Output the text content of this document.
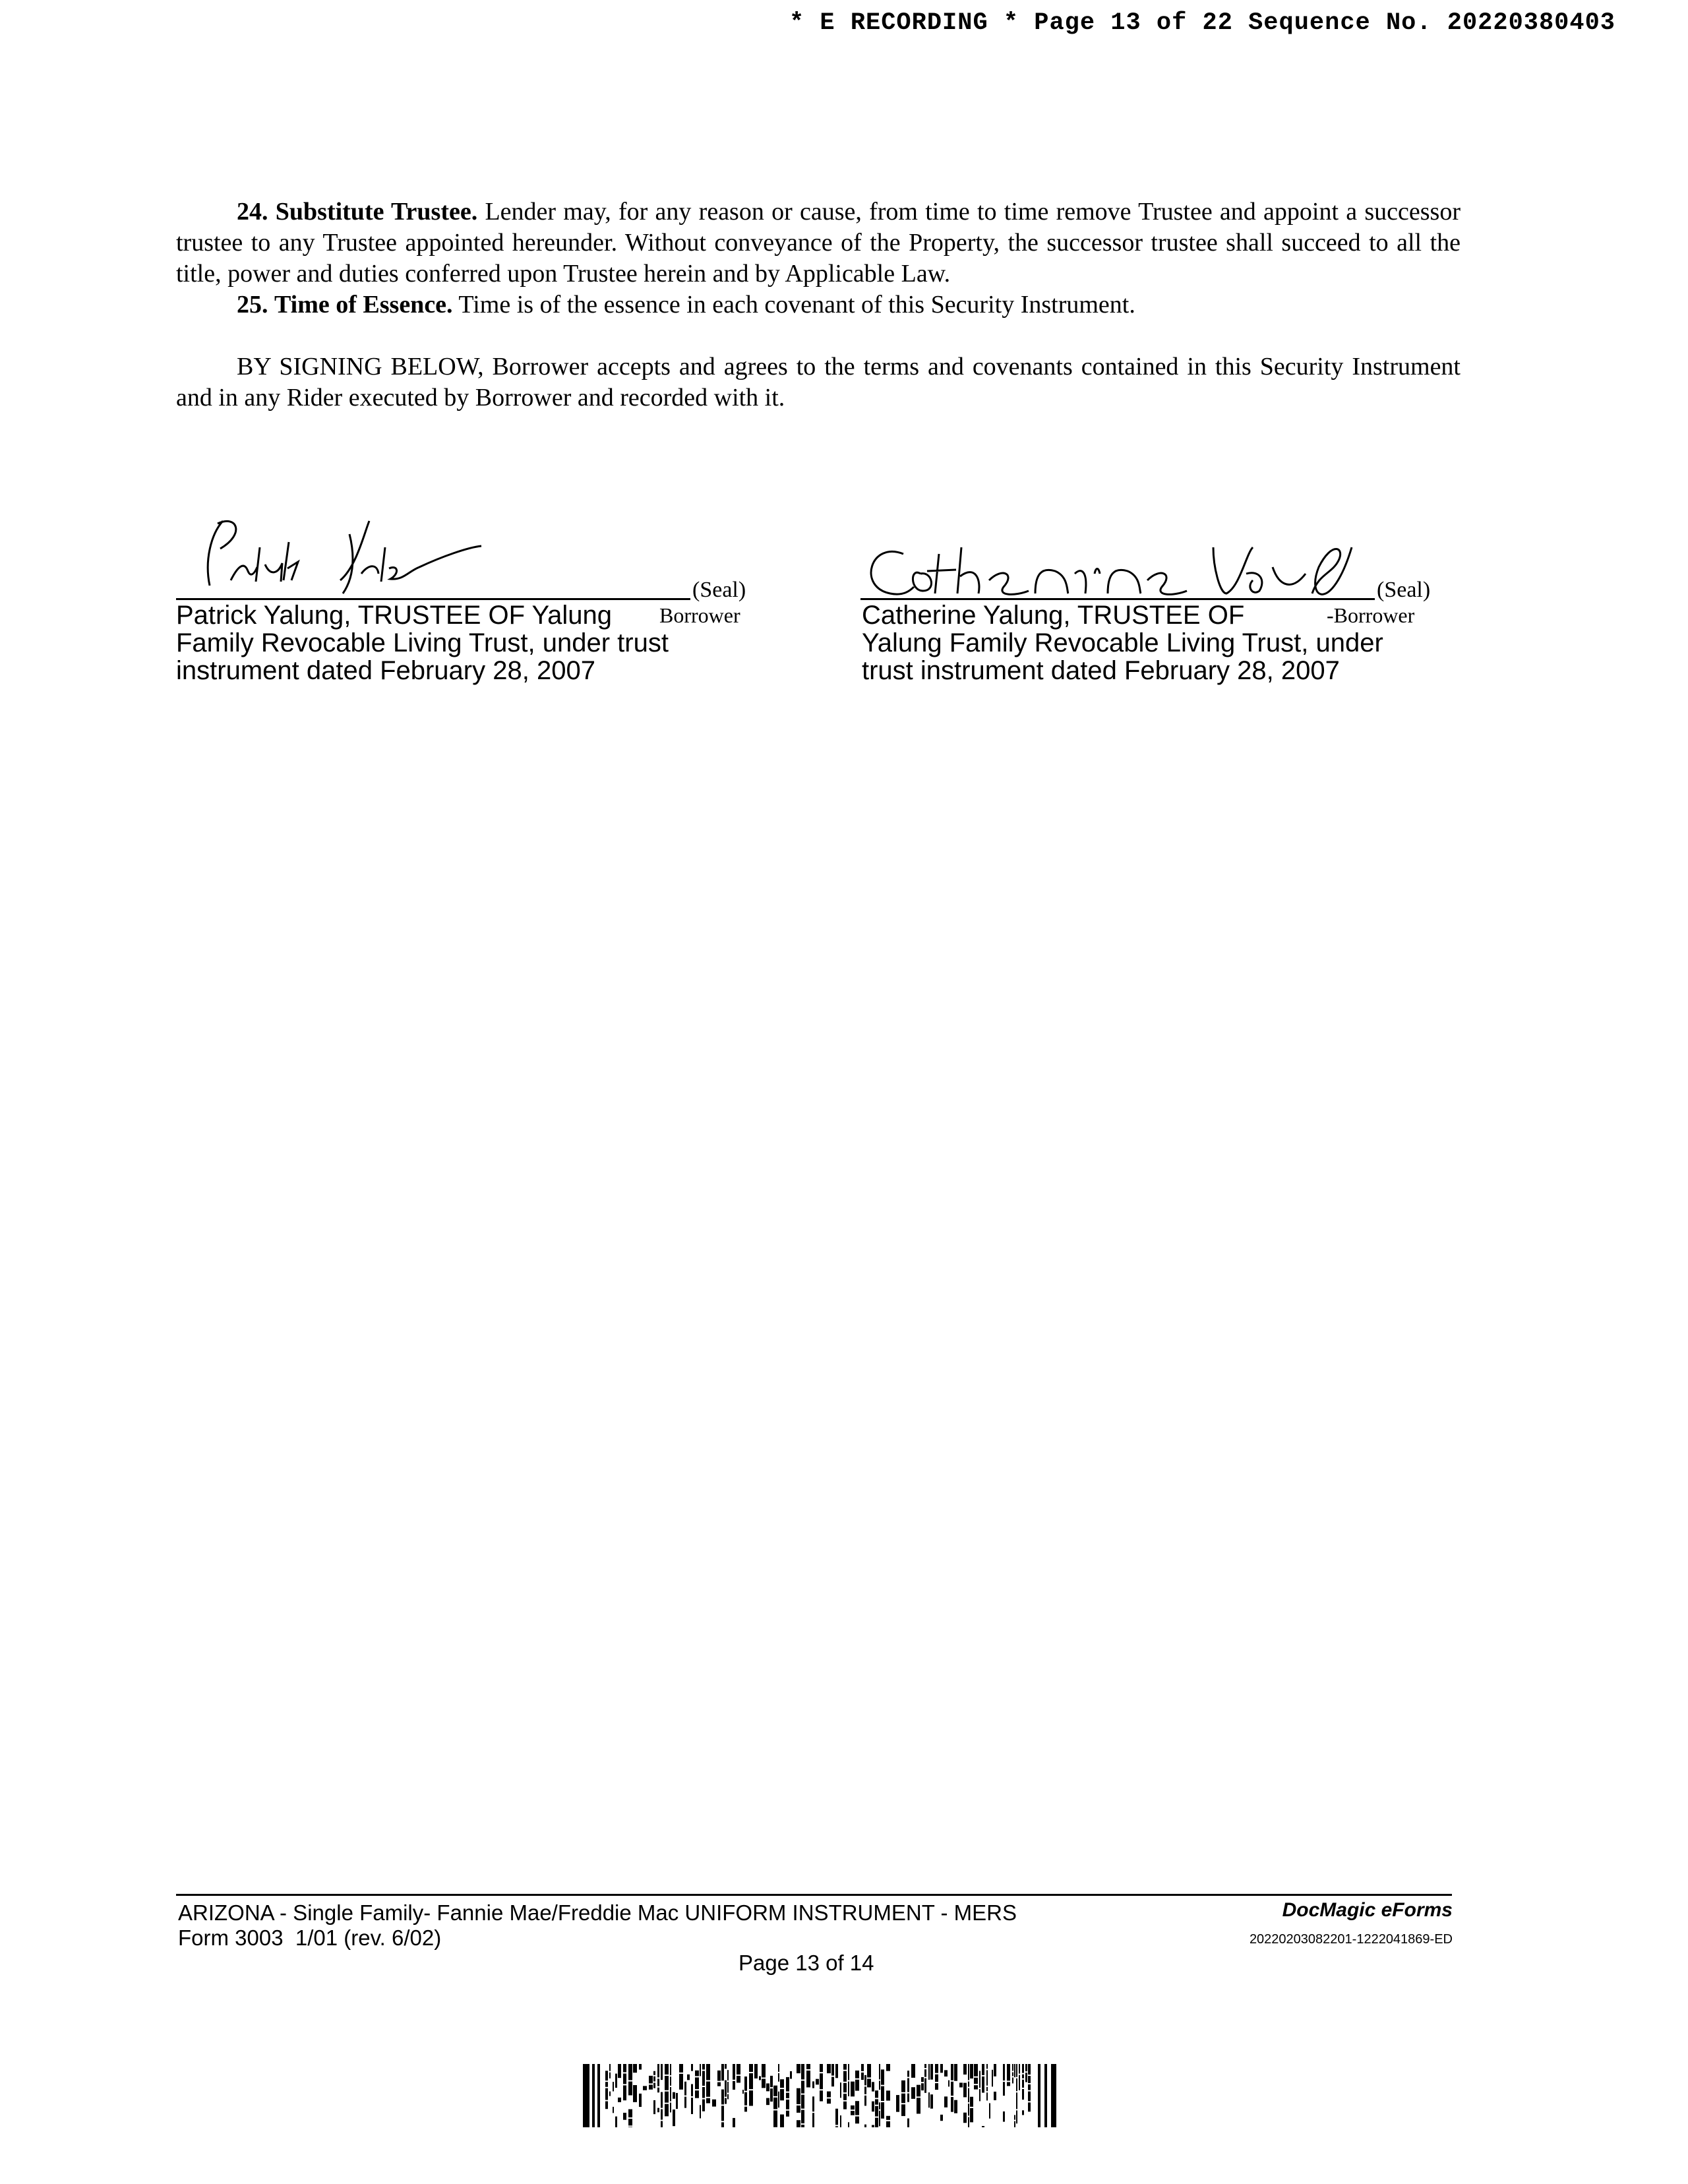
* E RECORDING * Page 13 of 22 Sequence No. 20220380403

24. Substitute Trustee. Lender may, for any reason or cause, from time to time remove Trustee and appoint a successor trustee to any Trustee appointed hereunder. Without conveyance of the Property, the successor trustee shall succeed to all the title, power and duties conferred upon Trustee herein and by Applicable Law.

25. Time of Essence. Time is of the essence in each covenant of this Security Instrument.

BY SIGNING BELOW, Borrower accepts and agrees to the terms and covenants contained in this Security Instrument and in any Rider executed by Borrower and recorded with it.

(Seal)
Patrick Yalung, TRUSTEE OF Yalung Borrower
Family Revocable Living Trust, under trust
instrument dated February 28, 2007
(Seal)
Catherine Yalung, TRUSTEE OF	-Borrower
Yalung Family Revocable Living Trust, under
trust instrument dated February 28, 2007
ARIZONA - Single Family- Fannie Mae/Freddie Mac UNIFORM INSTRUMENT - MERS
Form 3003  1/01 (rev. 6/02)
Page 13 of 14
DocMagic eForms
20220203082201-1222041869-ED
